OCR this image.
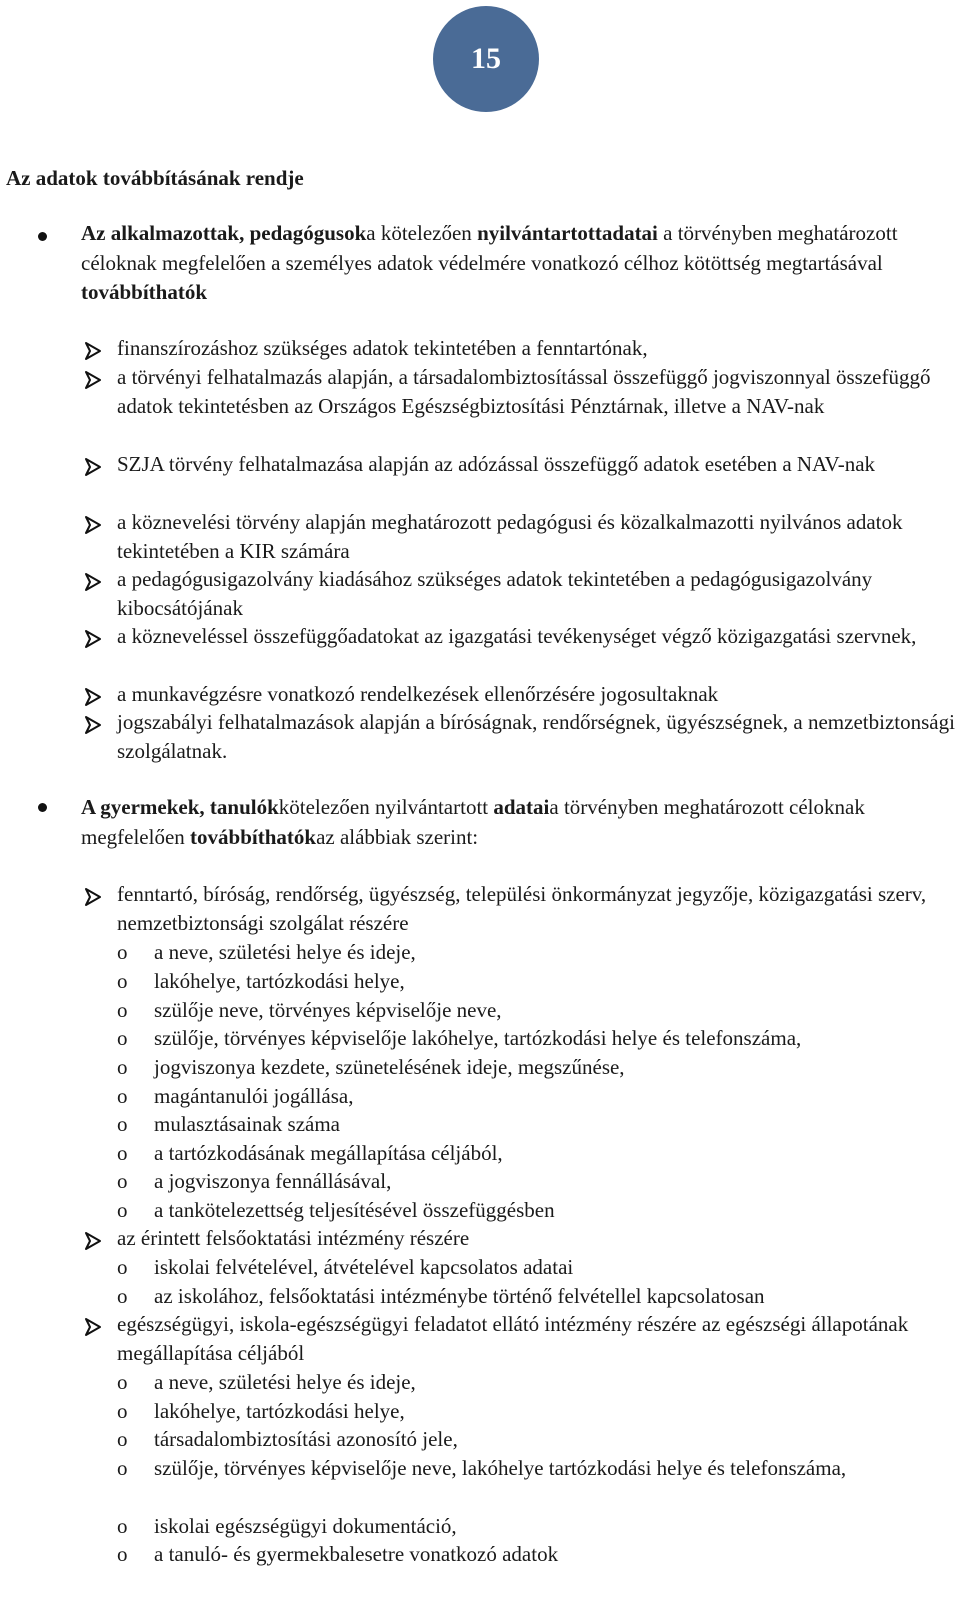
15
Az adatok továbbításának rendje

Az alkalmazottak, pedagógusoka kötelezően nyilvántartottadatai a törvényben meghatározott céloknak megfelelően a személyes adatok védelmére vonatkozó célhoz kötöttség megtartásával továbbíthatók

finanszírozáshoz szükséges adatok tekintetében a fenntartónak,

a törvényi felhatalmazás alapján, a társadalombiztosítással összefüggő jogviszonnyal összefüggő adatok tekintetésben az Országos Egészségbiztosítási Pénztárnak, illetve a NAV-nak

SZJA törvény felhatalmazása alapján az adózással összefüggő adatok esetében a NAV-nak

a köznevelési törvény alapján meghatározott pedagógusi és közalkalmazotti nyilvános adatok tekintetében a KIR számára

a pedagógusigazolvány kiadásához szükséges adatok tekintetében a pedagógusigazolvány kibocsátójának

a közneveléssel összefüggőadatokat az igazgatási tevékenységet végző közigazgatási szervnek,

a munkavégzésre vonatkozó rendelkezések ellenőrzésére jogosultaknak

jogszabályi felhatalmazások alapján a bíróságnak, rendőrségnek, ügyészségnek, a nemzetbiztonsági szolgálatnak.

A gyermekek, tanulókkötelezően nyilvántartott adataia törvényben meghatározott céloknak megfelelően továbbíthatókaz alábbiak szerint:

fenntartó, bíróság, rendőrség, ügyészség, települési önkormányzat jegyzője, közigazgatási szerv, nemzetbiztonsági szolgálat részére

o a neve, születési helye és ideje,

o lakóhelye, tartózkodási helye,

o szülője neve, törvényes képviselője neve,

o szülője, törvényes képviselője lakóhelye, tartózkodási helye és telefonszáma,

o jogviszonya kezdete, szünetelésének ideje, megszűnése,

o magántanulói jogállása,

o mulasztásainak száma

o a tartózkodásának megállapítása céljából,

o a jogviszonya fennállásával,

o a tankötelezettség teljesítésével összefüggésben

az érintett felsőoktatási intézmény részére

o iskolai felvételével, átvételével kapcsolatos adatai

o az iskolához, felsőoktatási intézménybe történő felvétellel kapcsolatosan

egészségügyi, iskola-egészségügyi feladatot ellátó intézmény részére az egészségi állapotának megállapítása céljából

o a neve, születési helye és ideje,

o lakóhelye, tartózkodási helye,

o társadalombiztosítási azonosító jele,

o szülője, törvényes képviselője neve, lakóhelye tartózkodási helye és telefonszáma,

o iskolai egészségügyi dokumentáció,

o a tanuló- és gyermekbalesetre vonatkozó adatok
